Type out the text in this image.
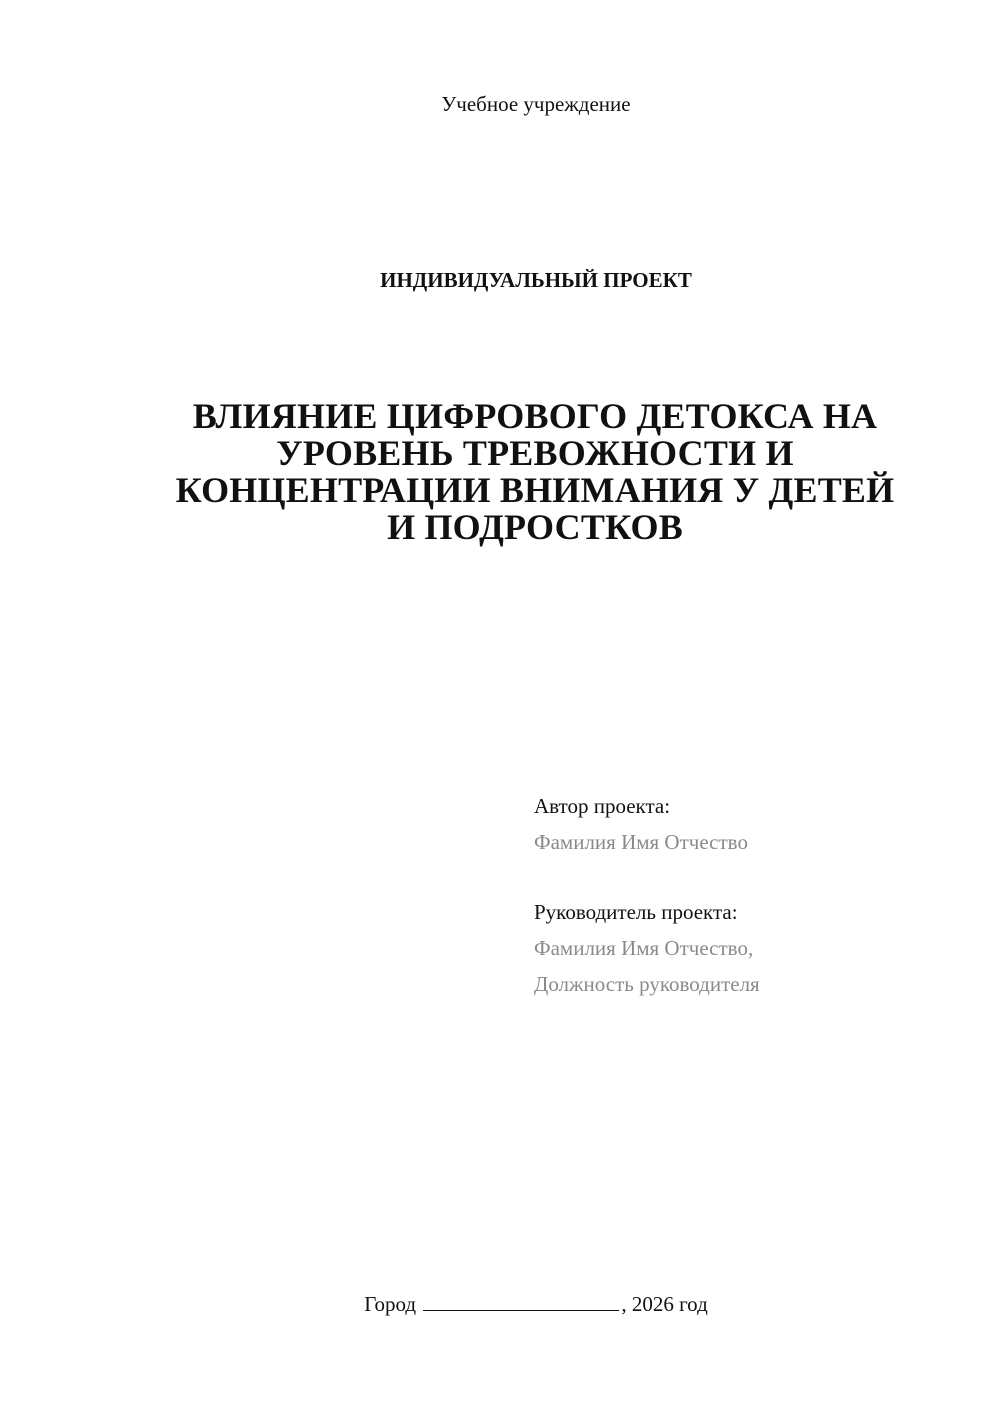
Учебное учреждение
ИНДИВИДУАЛЬНЫЙ ПРОЕКТ
ВЛИЯНИЕ ЦИФРОВОГО ДЕТОКСА НА
УРОВЕНЬ ТРЕВОЖНОСТИ И
КОНЦЕНТРАЦИИ ВНИМАНИЯ У ДЕТЕЙ
И ПОДРОСТКОВ
Автор проекта:
Фамилия Имя Отчество
Руководитель проекта:
Фамилия Имя Отчество,
Должность руководителя
Город	, 2026 год
